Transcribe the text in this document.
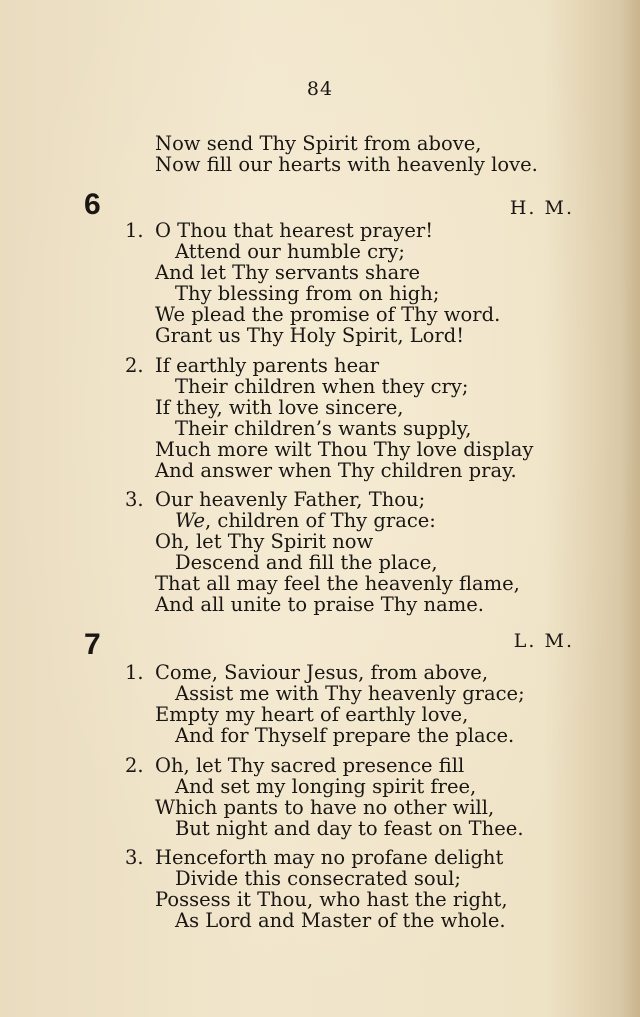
84
Now send Thy Spirit from above,
Now fill our hearts with heavenly love.
6	H. M.
1. O Thou that hearest prayer!
Attend our humble cry;
And let Thy servants share
Thy blessing from on high;
We plead the promise of Thy word.
Grant us Thy Holy Spirit, Lord!
2. If earthly parents hear
Their children when they cry;
If they, with love sincere,
Their children’s wants supply,
Much more wilt Thou Thy love display
And answer when Thy children pray.
3. Our heavenly Father, Thou;
We, children of Thy grace:
Oh, let Thy Spirit now
Descend and fill the place,
That all may feel the heavenly flame,
And all unite to praise Thy name.
7	L. M.
1. Come, Saviour Jesus, from above,
Assist me with Thy heavenly grace;
Empty my heart of earthly love,
And for Thyself prepare the place.
2. Oh, let Thy sacred presence fill
And set my longing spirit free,
Which pants to have no other will,
But night and day to feast on Thee.
3. Henceforth may no profane delight
Divide this consecrated soul;
Possess it Thou, who hast the right,
As Lord and Master of the whole.
